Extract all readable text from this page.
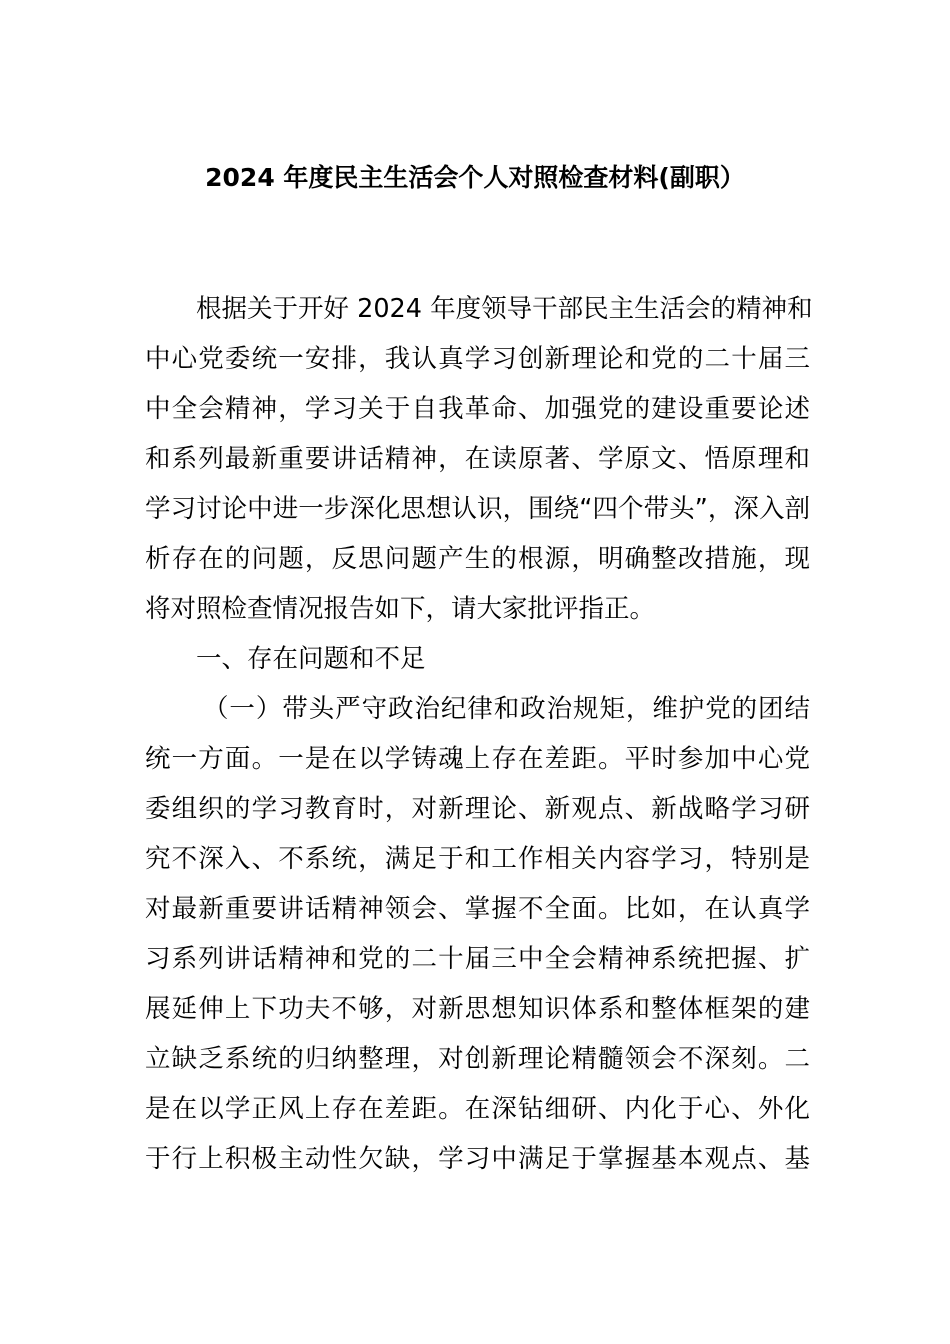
2024 年度民主生活会个人对照检查材料(副职）
根据关于开好 2024 年度领导干部民主生活会的精神和
中心党委统一安排，我认真学习创新理论和党的二十届三
中全会精神，学习关于自我革命、加强党的建设重要论述
和系列最新重要讲话精神，在读原著、学原文、悟原理和
学习讨论中进一步深化思想认识，围绕“四个带头”，深入剖
析存在的问题，反思问题产生的根源，明确整改措施，现
将对照检查情况报告如下，请大家批评指正。
一、存在问题和不足
（一）带头严守政治纪律和政治规矩，维护党的团结
统一方面。一是在以学铸魂上存在差距。平时参加中心党
委组织的学习教育时，对新理论、新观点、新战略学习研
究不深入、不系统，满足于和工作相关内容学习，特别是
对最新重要讲话精神领会、掌握不全面。比如，在认真学
习系列讲话精神和党的二十届三中全会精神系统把握、扩
展延伸上下功夫不够，对新思想知识体系和整体框架的建
立缺乏系统的归纳整理，对创新理论精髓领会不深刻。二
是在以学正风上存在差距。在深钻细研、内化于心、外化
于行上积极主动性欠缺，学习中满足于掌握基本观点、基
